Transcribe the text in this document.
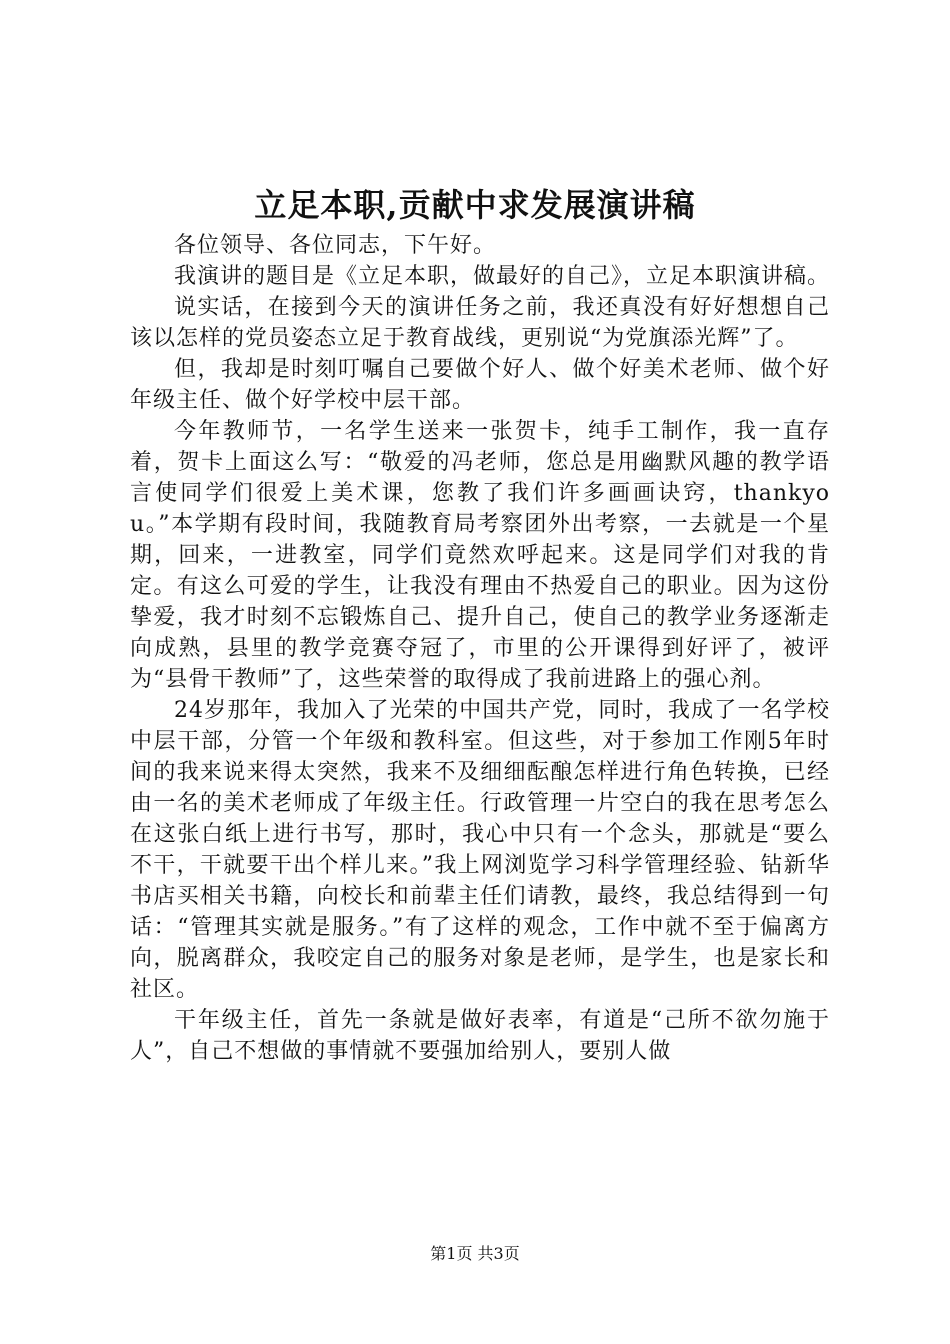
立足本职,贡献中求发展演讲稿

各位领导、各位同志，下午好。

我演讲的题目是《立足本职，做最好的自己》，立足本职演讲稿。

说实话，在接到今天的演讲任务之前，我还真没有好好想想自己该以怎样的党员姿态立足于教育战线，更别说“为党旗添光辉”了。

但，我却是时刻叮嘱自己要做个好人、做个好美术老师、做个好年级主任、做个好学校中层干部。

今年教师节，一名学生送来一张贺卡，纯手工制作，我一直存着，贺卡上面这么写：“敬爱的冯老师，您总是用幽默风趣的教学语言使同学们很爱上美术课，您教了我们许多画画诀窍，thankyou。”本学期有段时间，我随教育局考察团外出考察，一去就是一个星期，回来，一进教室，同学们竟然欢呼起来。这是同学们对我的肯定。有这么可爱的学生，让我没有理由不热爱自己的职业。因为这份挚爱，我才时刻不忘锻炼自己、提升自己，使自己的教学业务逐渐走向成熟，县里的教学竞赛夺冠了，市里的公开课得到好评了，被评为“县骨干教师”了，这些荣誉的取得成了我前进路上的强心剂。

24岁那年，我加入了光荣的中国共产党，同时，我成了一名学校中层干部，分管一个年级和教科室。但这些，对于参加工作刚5年时间的我来说来得太突然，我来不及细细酝酿怎样进行角色转换，已经由一名的美术老师成了年级主任。行政管理一片空白的我在思考怎么在这张白纸上进行书写，那时，我心中只有一个念头，那就是“要么不干，干就要干出个样儿来。”我上网浏览学习科学管理经验、钻新华书店买相关书籍，向校长和前辈主任们请教，最终，我总结得到一句话：“管理其实就是服务。”有了这样的观念，工作中就不至于偏离方向，脱离群众，我咬定自己的服务对象是老师，是学生，也是家长和社区。

干年级主任，首先一条就是做好表率，有道是“己所不欲勿施于人”，自己不想做的事情就不要强加给别人，要别人做

第1页 共3页
